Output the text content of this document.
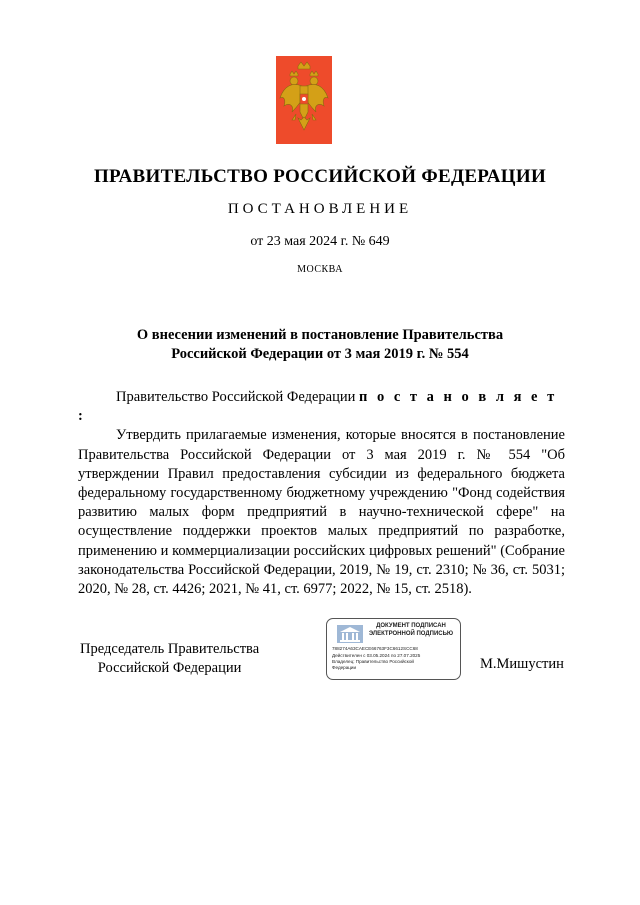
ПРАВИТЕЛЬСТВО РОССИЙСКОЙ ФЕДЕРАЦИИ
ПОСТАНОВЛЕНИЕ
от 23 мая 2024 г. № 649
МОСКВА
О внесении изменений в постановление Правительства
Российской Федерации от 3 мая 2019 г. № 554

Правительство Российской Федерации п о с т а н о в л я е т :

Утвердить прилагаемые изменения, которые вносятся в постановление Правительства Российской Федерации от 3 мая 2019 г. № 554 "Об утверждении Правил предоставления субсидии из федерального бюджета федеральному государственному бюджетному учреждению "Фонд содействия развитию малых форм предприятий в научно-технической сфере" на осуществление поддержки проектов малых предприятий по разработке, применению и коммерциализации российских цифровых решений" (Собрание законодательства Российской Федерации, 2019, № 19, ст. 2310; № 36, ст. 5031; 2020, № 28, ст. 4426; 2021, № 41, ст. 6977; 2022, № 15, ст. 2518).

Председатель Правительства
Российской Федерации
ДОКУМЕНТ ПОДПИСАН
ЭЛЕКТРОННОЙ ПОДПИСЬЮ
788274A63CAECE66763F3C6612SCC68
Действителен с 03.05.2024 по 27.07.2025
Владелец: Правительство Российской
Федерации	М.Мишустин
